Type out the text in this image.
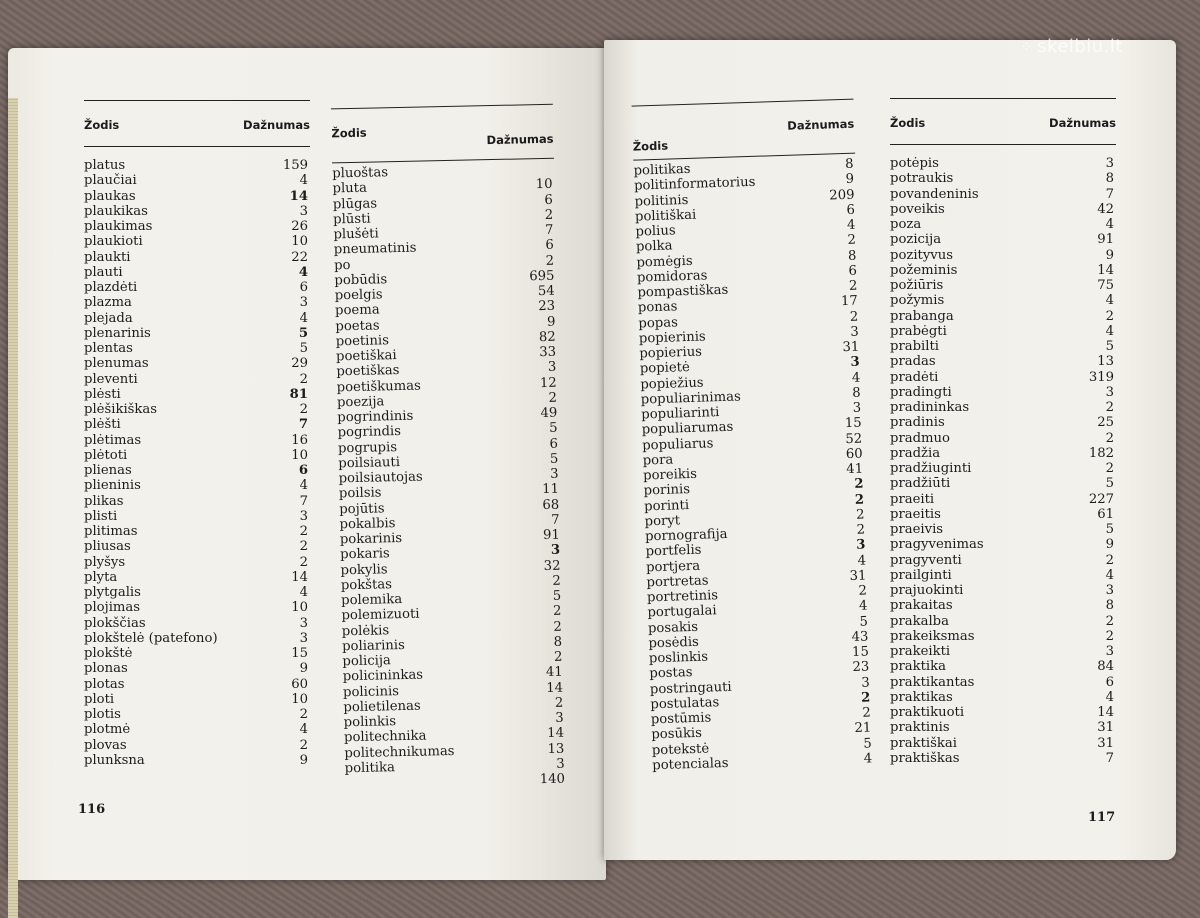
Žodis	Dažnumas
platus	159
plaučiai	4
plaukas	14
plaukikas	3
plaukimas	26
plaukioti	10
plaukti	22
plauti	4
plazdėti	6
plazma	3
plejada	4
plenarinis	5
plentas	5
plenumas	29
pleventi	2
plėsti	81
plėšikiškas	2
plėšti	7
plėtimas	16
plėtoti	10
plienas	6
plieninis	4
plikas	7
plisti	3
plitimas	2
pliusas	2
plyšys	2
plyta	14
plytgalis	4
plojimas	10
plokščias	3
plokštelė (patefono)	3
plokštė	15
plonas	9
plotas	60
ploti	10
plotis	2
plotmė	4
plovas	2
plunksna	9
Žodis	Dažnumas
pluoštas
pluta	10
plūgas	6
plūsti	2
plušėti	7
pneumatinis	6
po	2
pobūdis	695
poelgis	54
poema	23
poetas	9
poetinis	82
poetiškai	33
poetiškas	3
poetiškumas	12
poezija	2
pogrindinis	49
pogrindis	5
pogrupis	6
poilsiauti	5
poilsiautojas	3
poilsis	11
pojūtis	68
pokalbis	7
pokarinis	91
pokaris	3
pokylis	32
pokštas	2
polemika	5
polemizuoti	2
polėkis	2
poliarinis	8
policija	2
policininkas	41
policinis	14
polietilenas	2
polinkis	3
politechnika	14
politechnikumas	13
politika	3
140
116
Žodis
Dažnumas
politikas	8
politinformatorius	9
politinis	209
politiškai	6
polius	4
polka	2
pomėgis	8
pomidoras	6
pompastiškas	2
ponas	17
popas	2
popierinis	3
popierius	31
popietė	3
popiežius	4
populiarinimas	8
populiarinti	3
populiarumas	15
populiarus	52
pora	60
poreikis	41
porinis	2
porinti	2
poryt	2
pornografija	2
portfelis	3
portjera	4
portretas	31
portretinis	2
portugalai	4
posakis	5
posėdis	43
poslinkis	15
postas	23
postringauti	3
postulatas	2
postūmis	2
posūkis	21
potekstė	5
potencialas	4
Žodis	Dažnumas
potėpis	3
potraukis	8
povandeninis	7
poveikis	42
poza	4
pozicija	91
pozityvus	9
požeminis	14
požiūris	75
požymis	4
prabanga	2
prabėgti	4
prabilti	5
pradas	13
pradėti	319
pradingti	3
pradininkas	2
pradinis	25
pradmuo	2
pradžia	182
pradžiuginti	2
pradžiūti	5
praeiti	227
praeitis	61
praeivis	5
pragyvenimas	9
pragyventi	2
prailginti	4
prajuokinti	3
prakaitas	8
prakalba	2
prakeiksmas	2
prakeikti	3
praktika	84
praktikantas	6
praktikas	4
praktikuoti	14
praktinis	31
praktiškai	31
praktiškas	7
117
⁘ skelbiu.lt
